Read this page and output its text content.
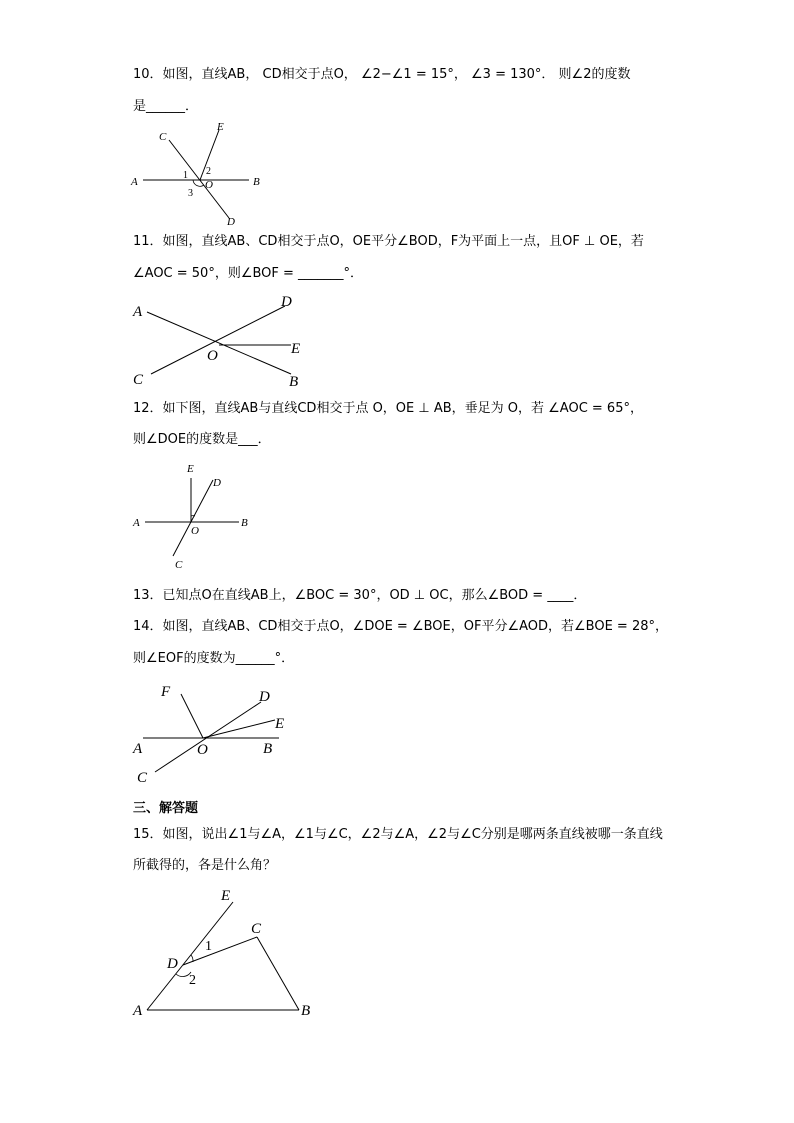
10．如图，直线AB， CD相交于点O， ∠2−∠1 = 15°， ∠3 = 130°． 则∠2的度数
是______．
A	B
C
D
E
O
1 2
3
11．如图，直线AB、CD相交于点O，OE平分∠BOD，F为平面上一点，且OF ⊥ OE，若
∠AOC = 50°，则∠BOF = _______°．
A
B
C
D
E
O
12．如下图，直线AB与直线CD相交于点 O，OE ⊥ AB，垂足为 O，若 ∠AOC = 65°，
则∠DOE的度数是___．
A	B
C
D
E
O
13．已知点O在直线AB上，∠BOC = 30°，OD ⊥ OC，那么∠BOD = ____．
14．如图，直线AB、CD相交于点O，∠DOE = ∠BOE，OF平分∠AOD，若∠BOE = 28°，
则∠EOF的度数为______°．
A	B
C
D
E
F
O
三、解答题
15．如图，说出∠1与∠A，∠1与∠C，∠2与∠A，∠2与∠C分别是哪两条直线被哪一条直线
所截得的，各是什么角？
A	B
C
D
E
1
2
